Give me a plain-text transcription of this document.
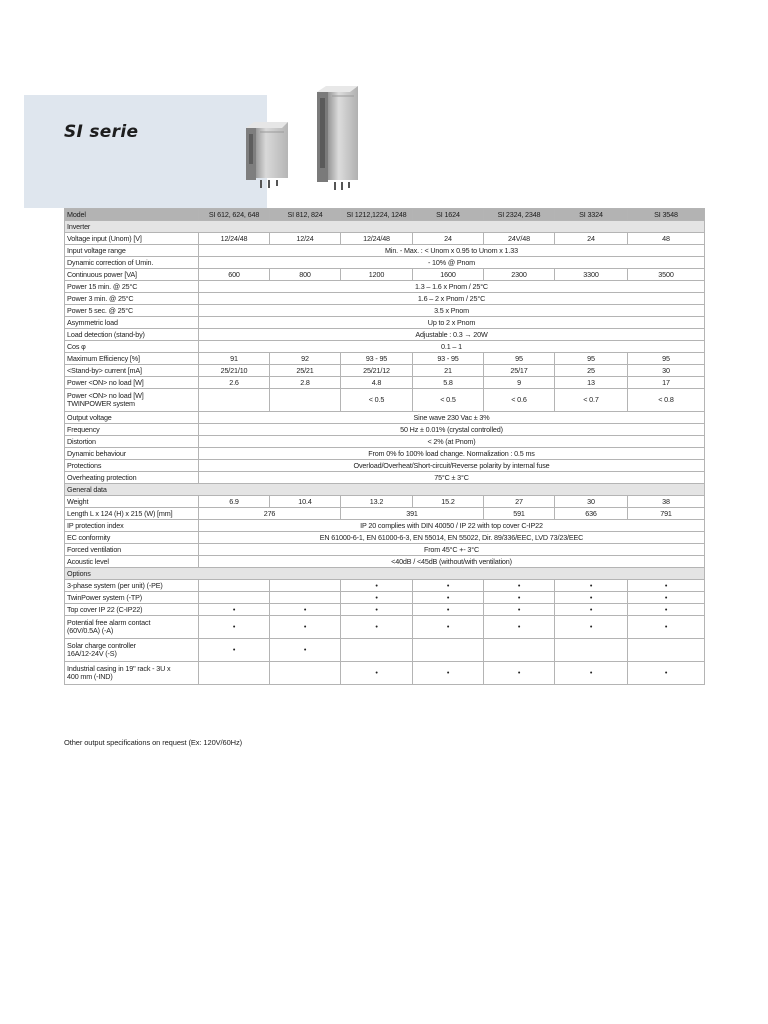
SI serie
Model	SI 612, 624, 648	SI 812, 824	SI 1212,1224, 1248	SI 1624	SI 2324, 2348	SI 3324	SI 3548
Inverter							
Voltage input (Unom) [V]	12/24/48	12/24	12/24/48	24	24V/48	24	48
Input voltage range	Min. - Max. : < Unom x 0.95 to Unom x 1.33						
Dynamic correction of Umin.	- 10% @ Pnom						
Continuous power [VA]	600	800	1200	1600	2300	3300	3500
Power 15 min. @ 25°C	1.3 – 1.6 x Pnom / 25°C						
Power 3 min. @ 25°C	1.6 – 2 x Pnom / 25°C						
Power 5 sec. @ 25°C	3.5 x Pnom						
Asymmetric load	Up to 2 x Pnom						
Load detection (stand-by)	Adjustable : 0.3 → 20W						
Cos φ	0.1 – 1						
Maximum Efficiency [%]	91	92	93 - 95	93 - 95	95	95	95
<Stand-by> current [mA]	25/21/10	25/21	25/21/12	21	25/17	25	30
Power <ON> no load [W]	2.6	2.8	4.8	5.8	9	13	17
Power <ON> no load [W]
TWINPOWER system			< 0.5	< 0.5	< 0.6	< 0.7	< 0.8
Output voltage	Sine wave 230 Vac ± 3%						
Frequency	50 Hz ± 0.01% (crystal controlled)						
Distortion	< 2% (at Pnom)						
Dynamic behaviour	From 0% fo 100% load change. Normalization : 0.5 ms						
Protections	Overload/Overheat/Short-circuit/Reverse polarity by internal fuse						
Overheating protection	75°C ± 3°C						
General data							
Weight	6.9	10.4	13.2	15.2	27	30	38
Length L x 124 (H) x 215 (W) [mm]	276		391		591	636	791
IP protection index	IP 20 complies with DIN 40050 / IP 22 with top cover C-IP22						
EC conformity	EN 61000-6-1, EN 61000-6-3, EN 55014, EN 55022, Dir. 89/336/EEC, LVD 73/23/EEC						
Forced ventilation	From 45°C +- 3°C						
Acoustic level	<40dB / <45dB (without/with ventilation)						
Options							
3-phase system (per unit) (-PE)			•	•	•	•	•
TwinPower system (-TP)			•	•	•	•	•
Top cover IP 22 (C-IP22)	•	•	•	•	•	•	•
Potential free alarm contact
(60V/0.5A) (-A)	•	•	•	•	•	•	•
Solar charge controller
16A/12-24V (-S)	•	•					
Industrial casing in 19" rack - 3U x
400 mm (-IND)			•	•	•	•	•
Other output specifications on request (Ex: 120V/60Hz)
